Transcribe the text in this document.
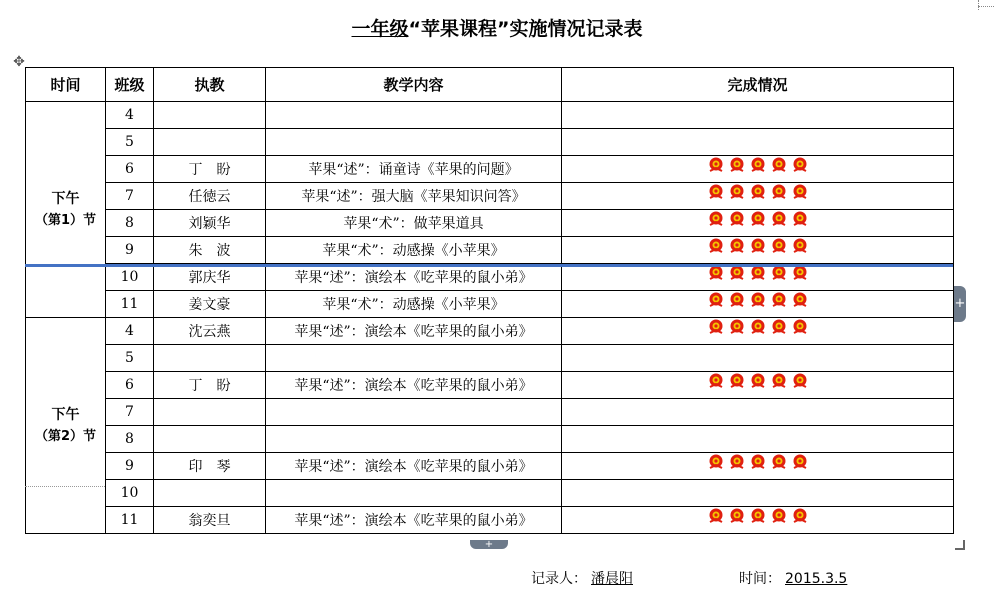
一年级“苹果课程”实施情况记录表
✥
时间	班级	执教	教学内容	完成情况

下午
（第1）节	4			
	5			
	6	丁　盼	苹果“述”：诵童诗《苹果的问题》	

	7	任徳云	苹果“述”：强大脑《苹果知识问答》	

	8	刘颖华	苹果“术”：做苹果道具	

	9	朱　波	苹果“术”：动感操《小苹果》	

	10	郭庆华	苹果“述”：演绘本《吃苹果的鼠小弟》	

	11	姜文豪	苹果“术”：动感操《小苹果》	

下午
（第2）节	4	沈云燕	苹果“述”：演绘本《吃苹果的鼠小弟》	

	5			
	6	丁　盼	苹果“述”：演绘本《吃苹果的鼠小弟》	

	7			
	8			
	9	印　琴	苹果“述”：演绘本《吃苹果的鼠小弟》	

	10			
	11	翁奕旦	苹果“述”：演绘本《吃苹果的鼠小弟》	
+
+
记录人： 潘晨阳	时间： 2015.3.5
